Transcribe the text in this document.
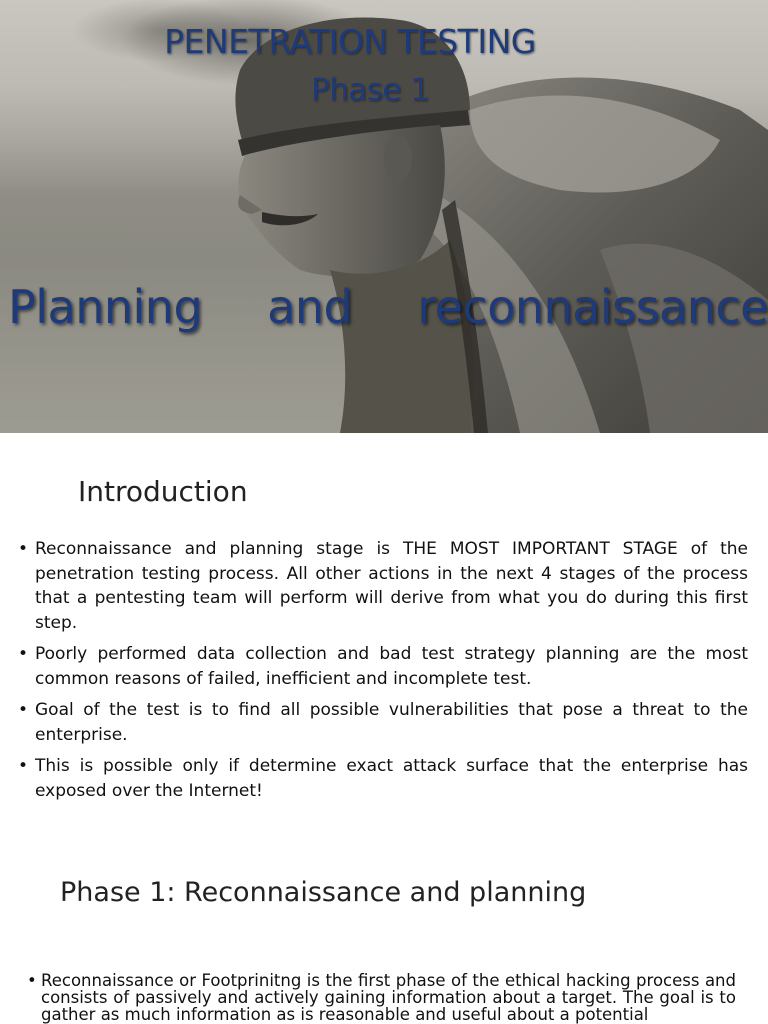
PENETRATION TESTING
Phase 1
Planning and reconnaissance
Introduction
• Reconnaissance and planning stage is THE MOST IMPORTANT STAGE of the penetration testing process. All other actions in the next 4 stages of the process that a pentesting team will perform will derive from what you do during this first step.
• Poorly performed data collection and bad test strategy planning are the most common reasons of failed, inefficient and incomplete test.
• Goal of the test is to find all possible vulnerabilities that pose a threat to the enterprise.
• This is possible only if determine exact attack surface that the enterprise has exposed over the Internet!
Phase 1: Reconnaissance and planning
• Reconnaissance or Footprinitng is the first phase of the ethical hacking process and consists of passively and actively gaining information about a target. The goal is to gather as much information as is reasonable and useful about a potential
